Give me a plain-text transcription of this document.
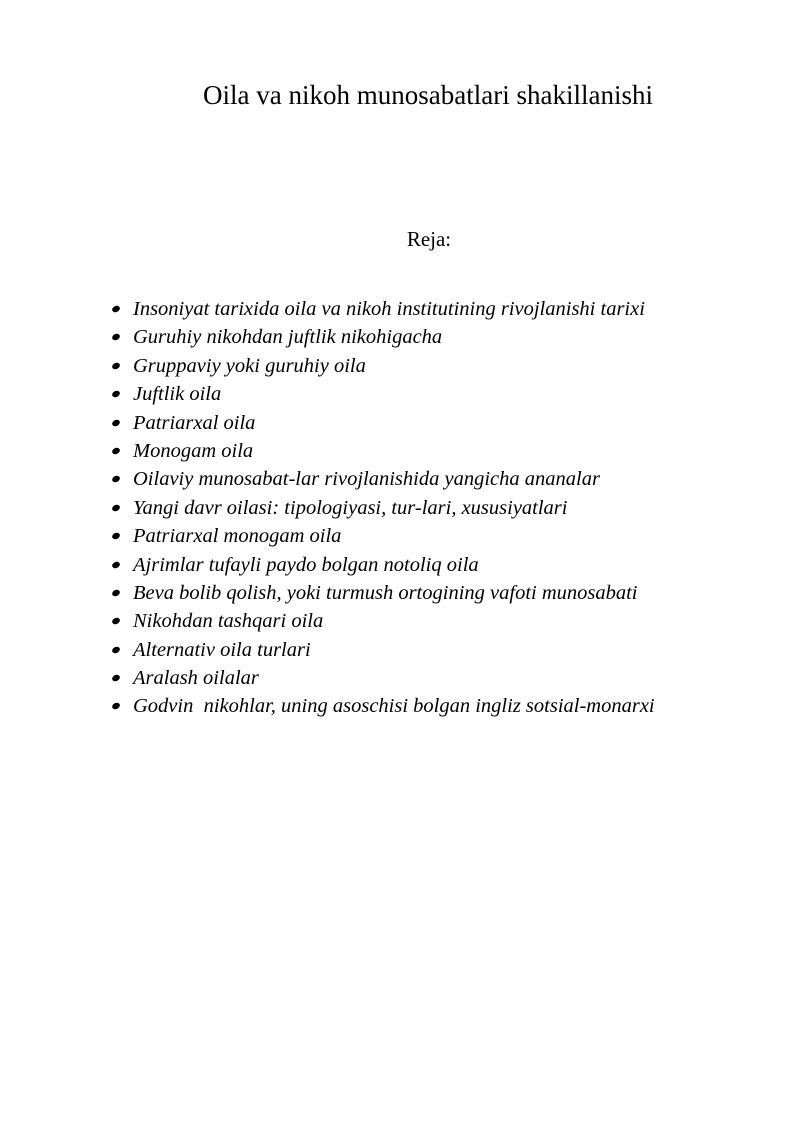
Oila va nikoh munosabatlari shakillanishi
Reja:
Insoniyat tarixida oila va nikoh institutining rivojlanishi tarixi
Guruhiy nikohdan juftlik nikohigacha
Gruppaviy yoki guruhiy oila
Juftlik oila
Patriarxal oila
Monogam oila
Oilaviy munosabat-lar rivojlanishida yangicha ananalar
Yangi davr oilasi: tipologiyasi, tur-lari, xususiyatlari
Patriarxal monogam oila
Ajrimlar tufayli paydo bolgan notoliq oila
Beva bolib qolish, yoki turmush ortogining vafoti munosabati
Nikohdan tashqari oila
Alternativ oila turlari
Aralash oilalar
Godvin  nikohlar, uning asoschisi bolgan ingliz sotsial-monarxi
